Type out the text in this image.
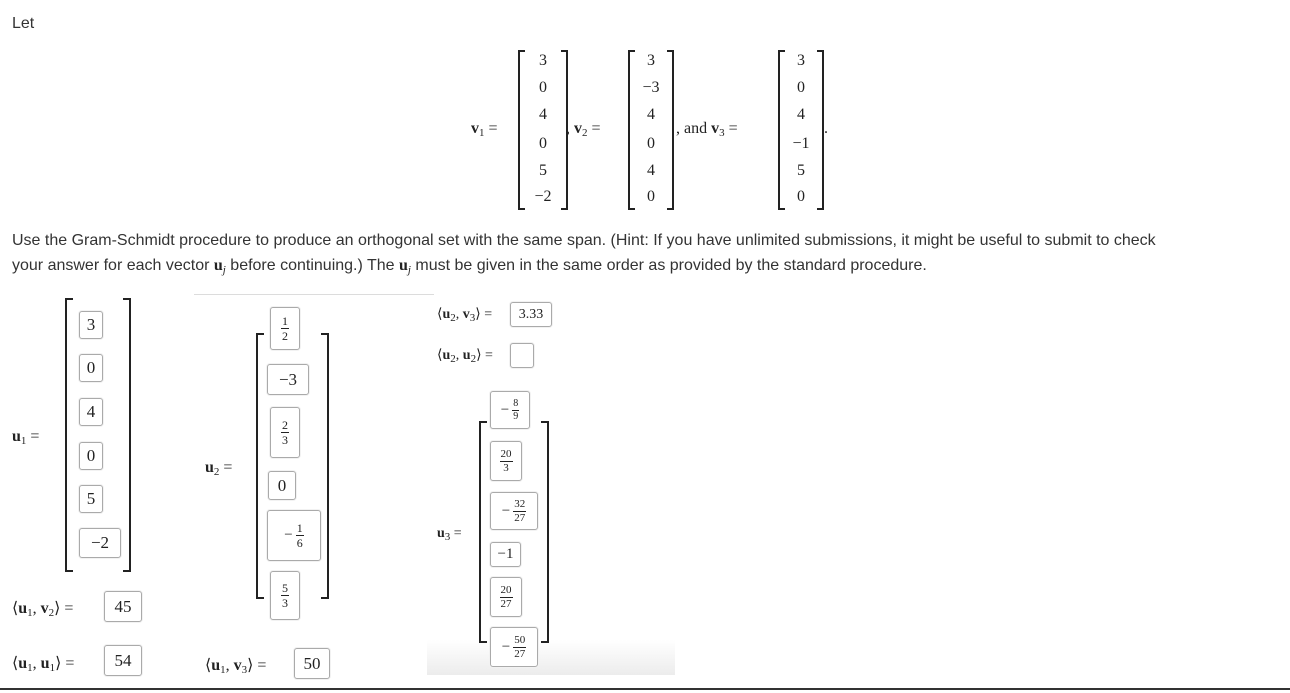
Let
v1 =
3
0
4
0
5
−2
, v2 =
3
−3
4
0
4
0
, and v3 =
3
0
4
−1
5
0
.
Use the Gram-Schmidt procedure to produce an orthogonal set with the same span. (Hint: If you have unlimited submissions, it might be useful to submit to check
your answer for each vector uj before continuing.) The uj must be given in the same order as provided by the standard procedure.
u1 =
3
0
4
0
5
−2
⟨u1, v2⟩ =	45
⟨u1, u1⟩ =	54
u2 =
$\frac{1}{2}$
−3
$\frac{2}{3}$
0
− $\frac{1}{6}$
$\frac{5}{3}$
⟨u1, v3⟩ =	50
$⟨u_2$, $v_3⟩$ =	3.33
$⟨u_2$, $u_2⟩$ =
$u_3$ =
− $\frac{8}{9}$
$\frac{20}{3}$
− $\frac{32}{27}$
−1
$\frac{20}{27}$
− $\frac{50}{27}$
